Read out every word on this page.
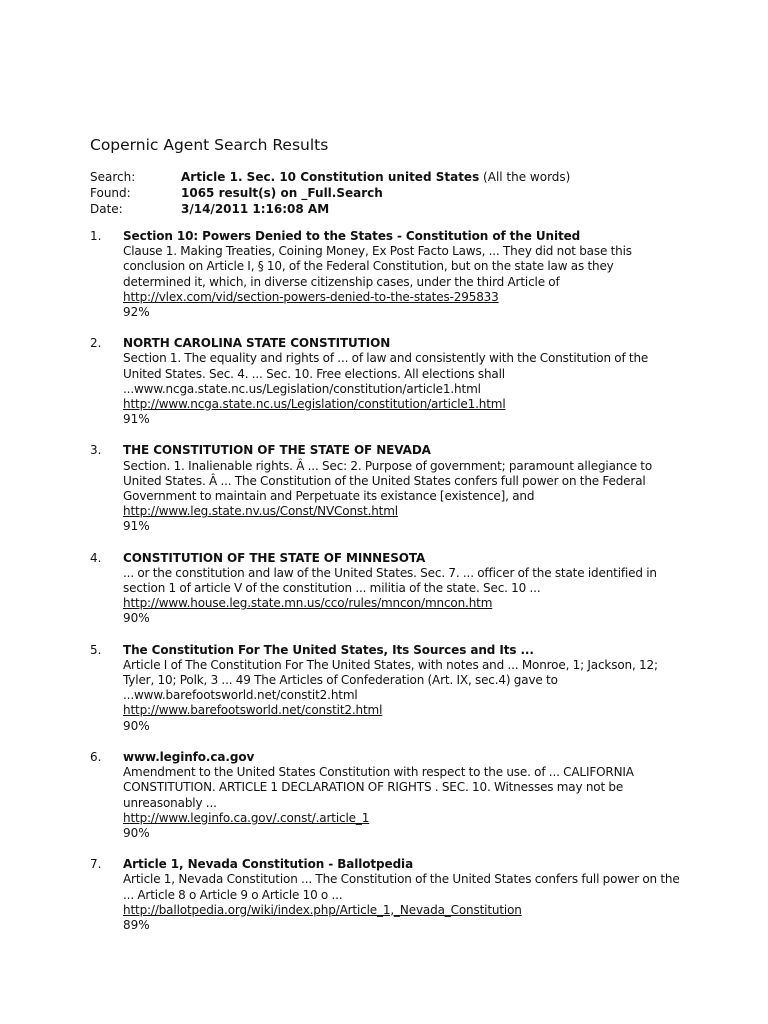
Copernic Agent Search Results
Search:	Article 1. Sec. 10 Constitution united States (All the words)
Found:	1065 result(s) on _Full.Search
Date:	3/14/2011 1:16:08 AM
1.	Section 10: Powers Denied to the States - Constitution of the United
Clause 1. Making Treaties, Coining Money, Ex Post Facto Laws, ... They did not base this conclusion on Article I, § 10, of the Federal Constitution, but on the state law as they determined it, which, in diverse citizenship cases, under the third Article of
http://vlex.com/vid/section-powers-denied-to-the-states-295833
92%
2.	NORTH CAROLINA STATE CONSTITUTION
Section 1. The equality and rights of ... of law and consistently with the Constitution of the United States. Sec. 4. ... Sec. 10. Free elections. All elections shall ...www.ncga.state.nc.us/Legislation/constitution/article1.html
http://www.ncga.state.nc.us/Legislation/constitution/article1.html
91%
3.	THE CONSTITUTION OF THE STATE OF NEVADA
Section. 1. Inalienable rights. Â ... Sec: 2. Purpose of government; paramount allegiance to United States. Â ... The Constitution of the United States confers full power on the Federal Government to maintain and Perpetuate its existance [existence], and
http://www.leg.state.nv.us/Const/NVConst.html
91%
4.	CONSTITUTION OF THE STATE OF MINNESOTA
... or the constitution and law of the United States. Sec. 7. ... officer of the state identified in section 1 of article V of the constitution ... militia of the state. Sec. 10 ...
http://www.house.leg.state.mn.us/cco/rules/mncon/mncon.htm
90%
5.	The Constitution For The United States, Its Sources and Its ...
Article I of The Constitution For The United States, with notes and ... Monroe, 1; Jackson, 12; Tyler, 10; Polk, 3 ... 49 The Articles of Confederation (Art. IX, sec.4) gave to ...www.barefootsworld.net/constit2.html
http://www.barefootsworld.net/constit2.html
90%
6.	www.leginfo.ca.gov
Amendment to the United States Constitution with respect to the use. of ... CALIFORNIA CONSTITUTION. ARTICLE 1 DECLARATION OF RIGHTS . SEC. 10. Witnesses may not be unreasonably ...
http://www.leginfo.ca.gov/.const/.article_1
90%
7.	Article 1, Nevada Constitution - Ballotpedia
Article 1, Nevada Constitution ... The Constitution of the United States confers full power on the ... Article 8 o Article 9 o Article 10 o ...
http://ballotpedia.org/wiki/index.php/Article_1,_Nevada_Constitution
89%
